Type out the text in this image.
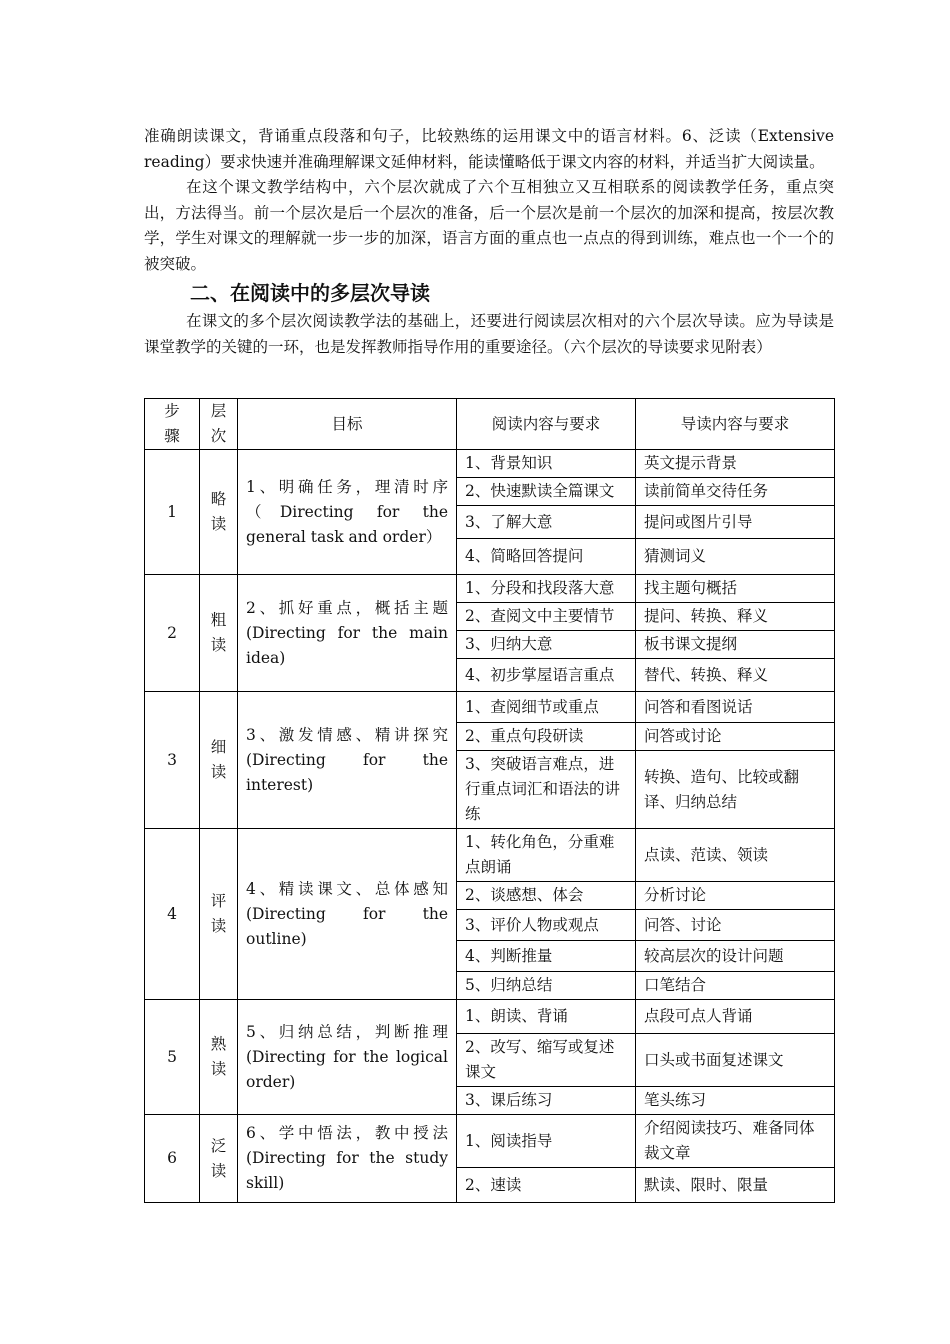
准确朗读课文，背诵重点段落和句子，比较熟练的运用课文中的语言材料。6、泛读（Extensive reading）要求快速并准确理解课文延伸材料，能读懂略低于课文内容的材料，并适当扩大阅读量。

在这个课文教学结构中，六个层次就成了六个互相独立又互相联系的阅读教学任务，重点突出，方法得当。前一个层次是后一个层次的准备，后一个层次是前一个层次的加深和提高，按层次教学，学生对课文的理解就一步一步的加深，语言方面的重点也一点点的得到训练，难点也一个一个的被突破。

二、在阅读中的多层次导读

在课文的多个层次阅读教学法的基础上，还要进行阅读层次相对的六个层次导读。应为导读是课堂教学的关键的一环，也是发挥教师指导作用的重要途径。（六个层次的导读要求见附表）

步骤	层次	目标	阅读内容与要求	导读内容与要求
1	略读	1、明确任务，理清时序（Directing for the general task and order）	1、背景知识	英文提示背景
			2、快速默读全篇课文	读前简单交待任务
			3、了解大意	提问或图片引导
			4、简略回答提问	猜测词义
2	粗读	2、抓好重点，概括主题(Directing for the main idea)	1、分段和找段落大意	找主题句概括
			2、查阅文中主要情节	提问、转换、释义
			3、归纳大意	板书课文提纲
			4、初步掌屋语言重点	替代、转换、释义
3	细读	3、激发情感、精讲探究(Directing for the interest)	1、查阅细节或重点	问答和看图说话
			2、重点句段研读	问答或讨论
			3、突破语言难点，进行重点词汇和语法的讲练	转换、造句、比较或翻译、归纳总结
4	评读	4、精读课文、总体感知(Directing for the outline)	1、转化角色，分重难点朗诵	点读、范读、领读
			2、谈感想、体会	分析讨论
			3、评价人物或观点	问答、讨论
			4、判断推量	较高层次的设计问题
			5、归纳总结	口笔结合
5	熟读	5、归纳总结，判断推理(Directing for the logical order)	1、朗读、背诵	点段可点人背诵
			2、改写、缩写或复述课文	口头或书面复述课文
			3、课后练习	笔头练习
6	泛读	6、学中悟法，教中授法(Directing for the study skill)	1、阅读指导	介绍阅读技巧、难备同体裁文章
			2、速读	默读、限时、限量
